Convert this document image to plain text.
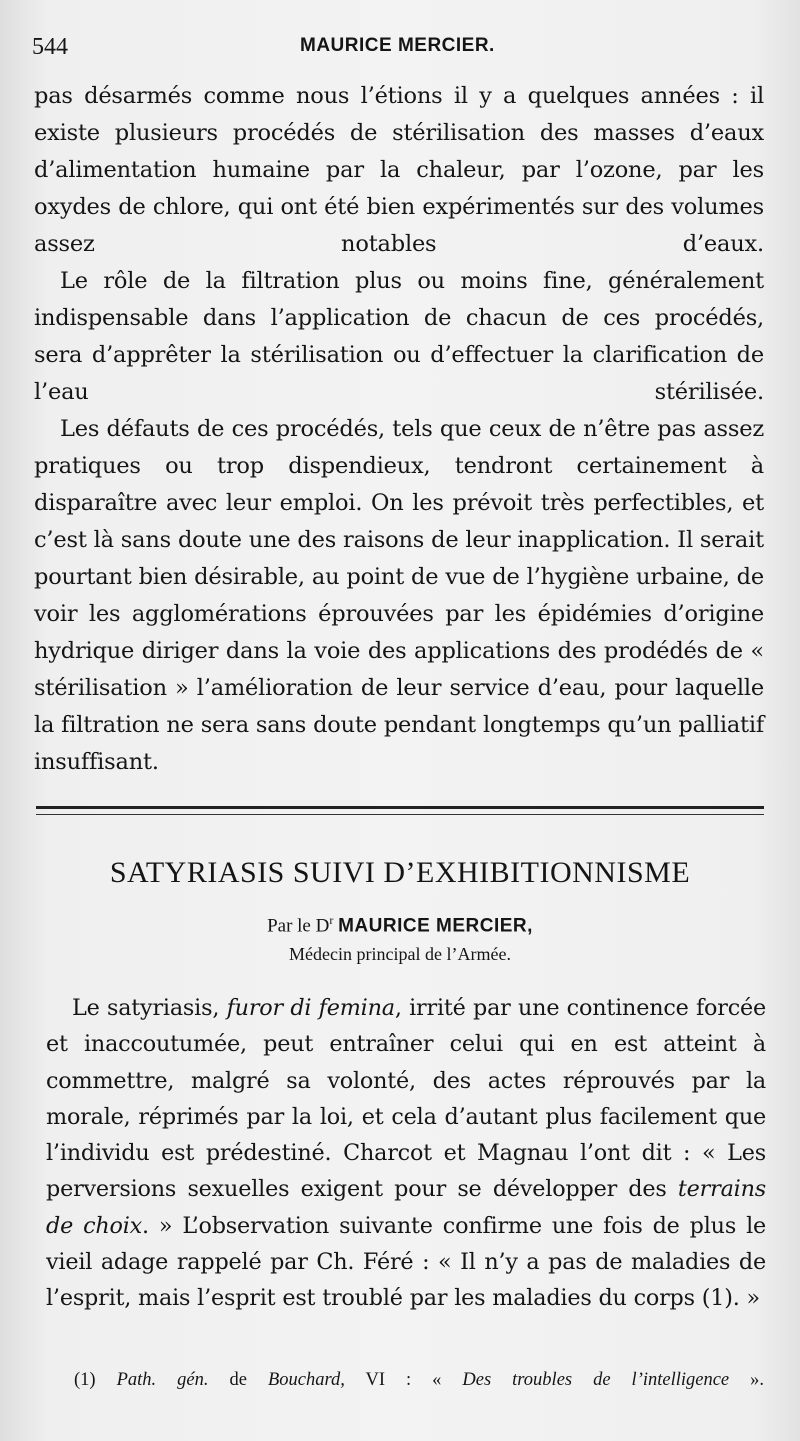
544	MAURICE MERCIER.

pas désarmés comme nous l’étions il y a quelques années : il existe plusieurs procédés de stérilisation des masses d’eaux d’alimentation humaine par la chaleur, par l’ozone, par les oxydes de chlore, qui ont été bien expérimentés sur des volumes assez notables d’eaux.

Le rôle de la filtration plus ou moins fine, généralement indispensable dans l’application de chacun de ces procédés, sera d’apprêter la stérilisation ou d’effectuer la clarification de l’eau stérilisée.

Les défauts de ces procédés, tels que ceux de n’être pas assez pratiques ou trop dispendieux, tendront certainement à disparaître avec leur emploi. On les prévoit très perfectibles, et c’est là sans doute une des raisons de leur inapplication. Il serait pourtant bien désirable, au point de vue de l’hygiène urbaine, de voir les agglomérations éprouvées par les épidémies d’origine hydrique diriger dans la voie des applications des prodédés de « stérilisation » l’amélioration de leur service d’eau, pour laquelle la filtration ne sera sans doute pendant longtemps qu’un palliatif insuffisant.

SATYRIASIS SUIVI D’EXHIBITIONNISME
Par le $D^r$ MAURICE MERCIER,
Médecin principal de l’Armée.

Le satyriasis, furor di femina, irrité par une continence forcée et inaccoutumée, peut entraîner celui qui en est atteint à commettre, malgré sa volonté, des actes réprouvés par la morale, réprimés par la loi, et cela d’autant plus facilement que l’individu est prédestiné. Charcot et Magnau l’ont dit : « Les perversions sexuelles exigent pour se développer des terrains de choix. » L’observation suivante confirme une fois de plus le vieil adage rappelé par Ch. Féré : « Il n’y a pas de maladies de l’esprit, mais l’esprit est troublé par les maladies du corps (1). »

(1) Path. gén. de Bouchard, VI : « Des troubles de l’intelligence ».
